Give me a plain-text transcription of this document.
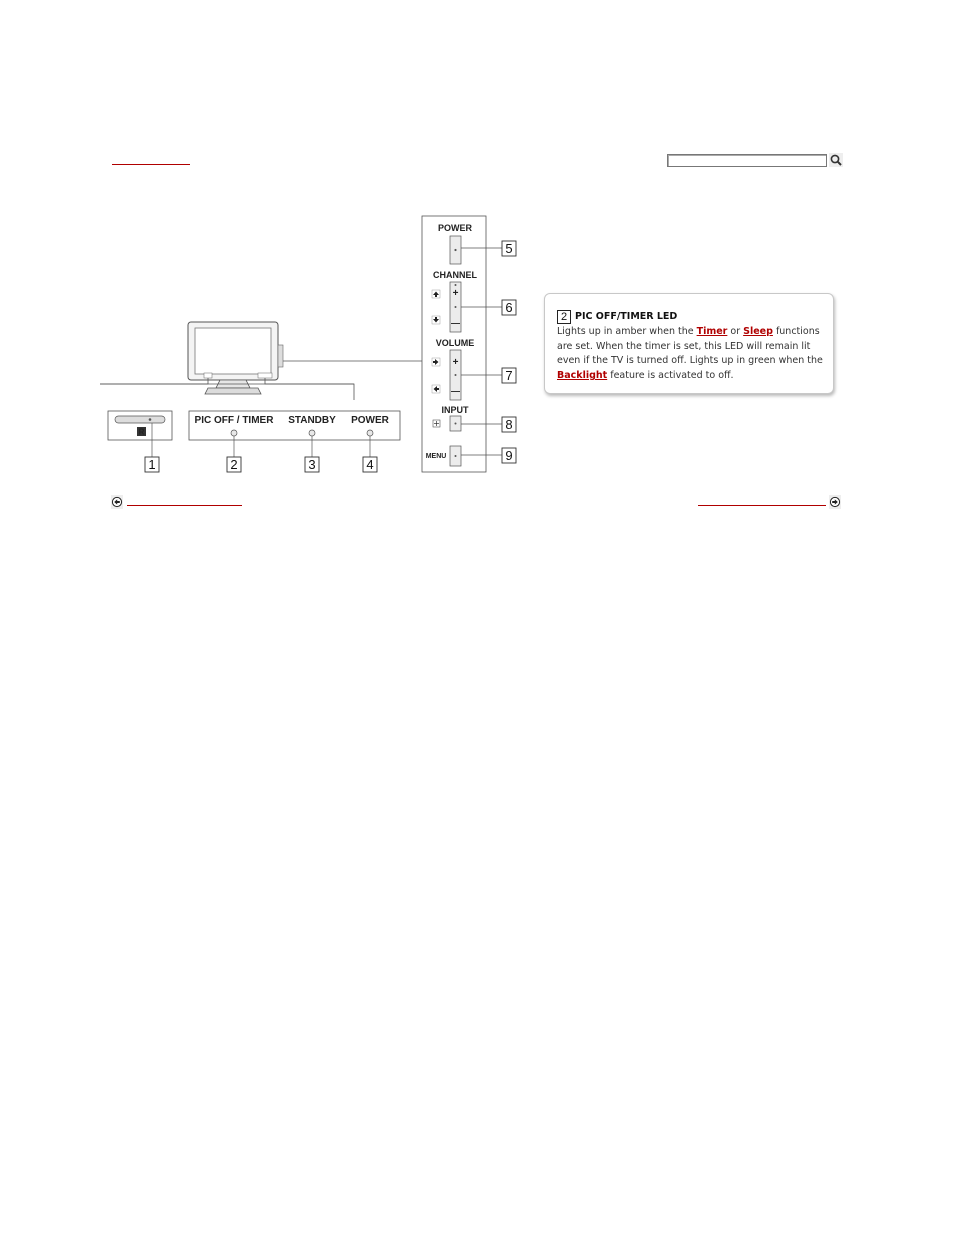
R
PIC OFF / TIMER STANDBY POWER
1	2	3	4
POWER
CHANNEL
+
—
VOLUME
+
—
INPUT
MENU
5
6
7
8
9
2 PIC OFF/TIMER LED
Lights up in amber when the Timer or Sleep functions are set. When the timer is set, this LED will remain lit even if the TV is turned off. Lights up in green when the Backlight feature is activated to off.
